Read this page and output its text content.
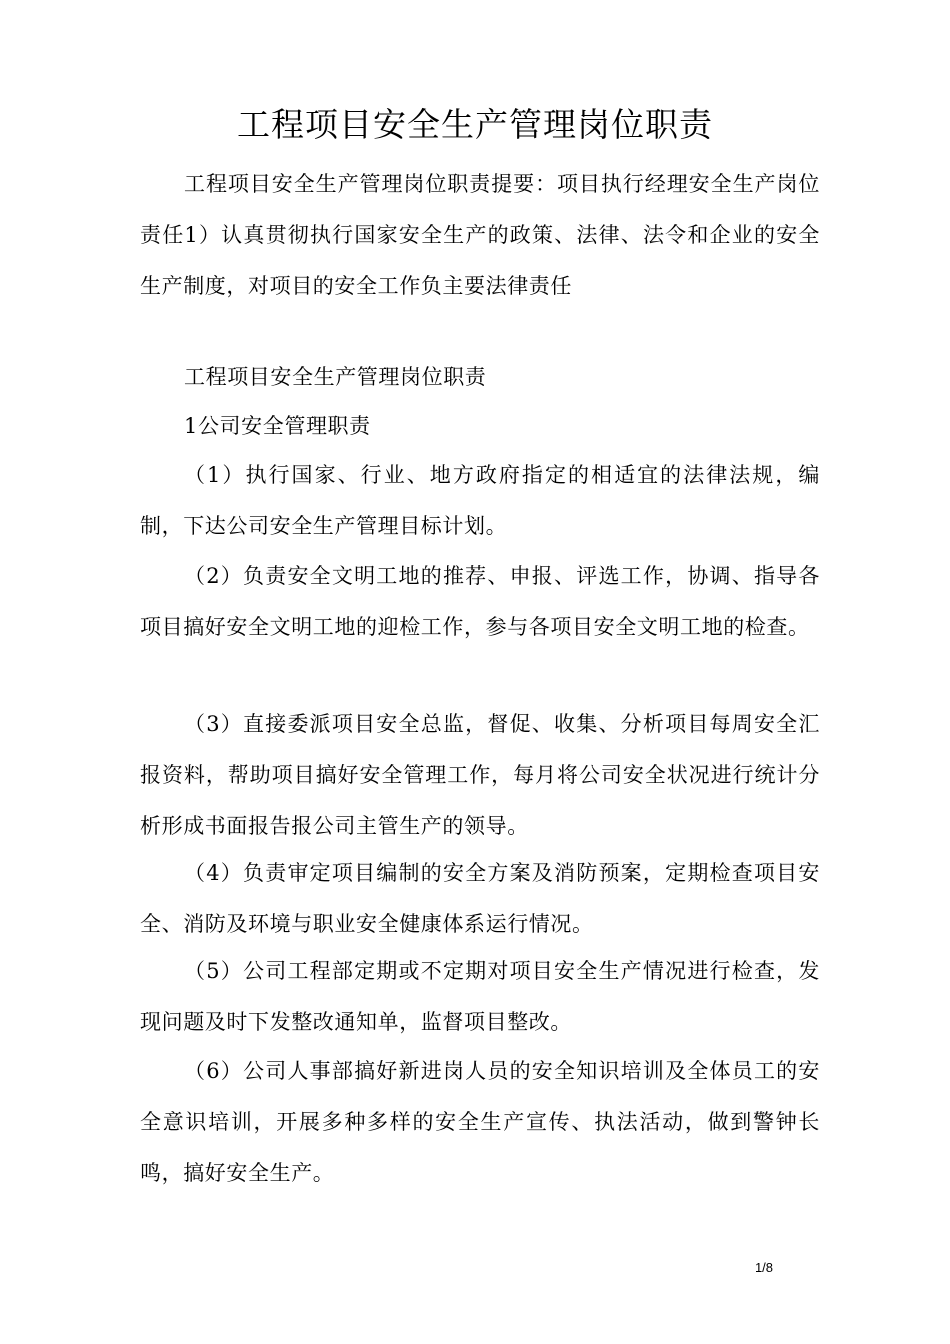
工程项目安全生产管理岗位职责

工程项目安全生产管理岗位职责提要：项目执行经理安全生产岗位责任1）认真贯彻执行国家安全生产的政策、法律、法令和企业的安全生产制度，对项目的安全工作负主要法律责任

工程项目安全生产管理岗位职责

1公司安全管理职责

（1）执行国家、行业、地方政府指定的相适宜的法律法规，编制，下达公司安全生产管理目标计划。

（2）负责安全文明工地的推荐、申报、评选工作，协调、指导各项目搞好安全文明工地的迎检工作，参与各项目安全文明工地的检查。

（3）直接委派项目安全总监，督促、收集、分析项目每周安全汇报资料，帮助项目搞好安全管理工作，每月将公司安全状况进行统计分析形成书面报告报公司主管生产的领导。

（4）负责审定项目编制的安全方案及消防预案，定期检查项目安全、消防及环境与职业安全健康体系运行情况。

（5）公司工程部定期或不定期对项目安全生产情况进行检查，发现问题及时下发整改通知单，监督项目整改。

（6）公司人事部搞好新进岗人员的安全知识培训及全体员工的安全意识培训，开展多种多样的安全生产宣传、执法活动，做到警钟长鸣，搞好安全生产。

1/8
